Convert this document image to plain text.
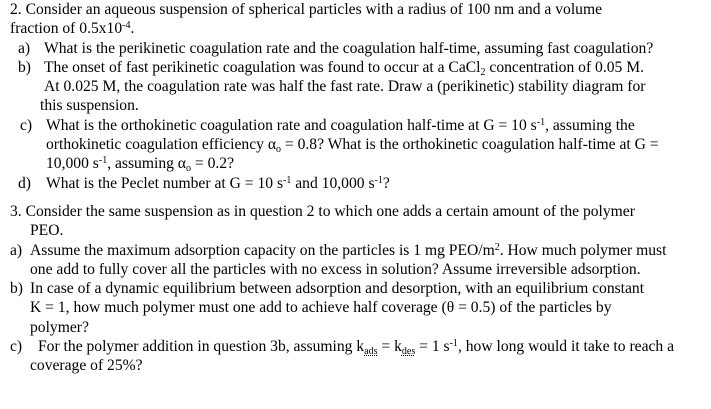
2. Consider an aqueous suspension of spherical particles with a radius of 100 nm and a volume
fraction of $0.5x10^{-4}$.
a) What is the perikinetic coagulation rate and the coagulation half-time, assuming fast coagulation?
b) The onset of fast perikinetic coagulation was found to occur at a CaCl$_2$ concentration of 0.05 M.
At 0.025 M, the coagulation rate was half the fast rate. Draw a (perikinetic) stability diagram for
this suspension.
c) What is the orthokinetic coagulation rate and coagulation half-time at G = 10 $s^{-1}$, assuming the
orthokinetic coagulation efficiency $\alpha_o = 0.8$? What is the orthokinetic coagulation half-time at G =
10,000 $s^{-1}$, assuming $\alpha_o = 0.2$?
d) What is the Peclet number at G = 10 $s^{-1}$ and 10,000 $s^{-1}$?
3. Consider the same suspension as in question 2 to which one adds a certain amount of the polymer
PEO.
a) Assume the maximum adsorption capacity on the particles is 1 mg PEO/$m^2$. How much polymer must
one add to fully cover all the particles with no excess in solution? Assume irreversible adsorption.
b) In case of a dynamic equilibrium between adsorption and desorption, with an equilibrium constant
K = 1, how much polymer must one add to achieve half coverage (θ = 0.5) of the particles by
polymer?
c) For the polymer addition in question 3b, assuming $k_{ads} = k_{des} = 1$ $s^{-1}$, how long would it take to reach a
coverage of 25%?
